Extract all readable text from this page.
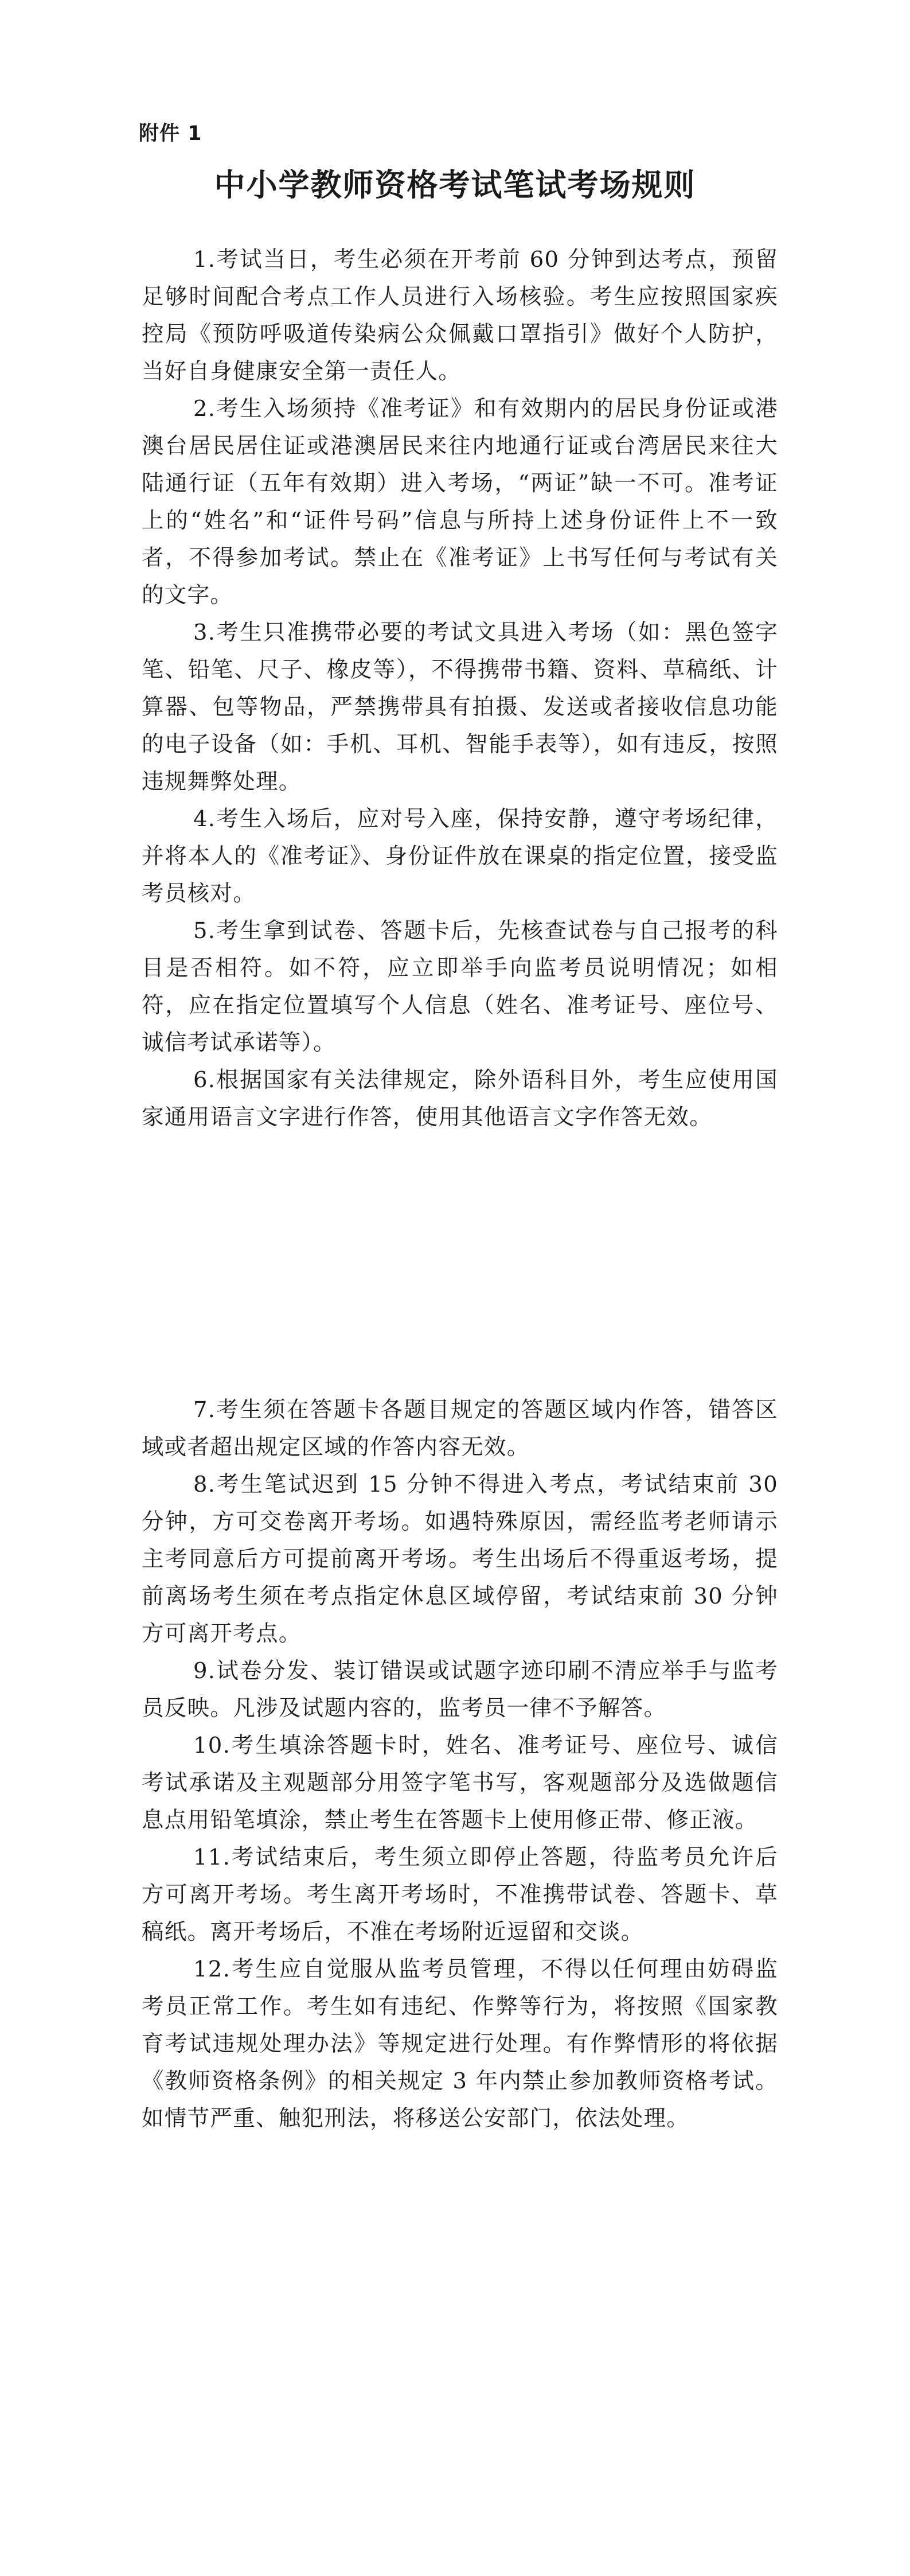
附件 1
中小学教师资格考试笔试考场规则

1.考试当日，考生必须在开考前 60 分钟到达考点，预留足够时间配合考点工作人员进行入场核验。考生应按照国家疾控局《预防呼吸道传染病公众佩戴口罩指引》做好个人防护，当好自身健康安全第一责任人。

2.考生入场须持《准考证》和有效期内的居民身份证或港澳台居民居住证或港澳居民来往内地通行证或台湾居民来往大陆通行证（五年有效期）进入考场，“两证”缺一不可。准考证上的“姓名”和“证件号码”信息与所持上述身份证件上不一致者，不得参加考试。禁止在《准考证》上书写任何与考试有关的文字。

3.考生只准携带必要的考试文具进入考场（如：黑色签字笔、铅笔、尺子、橡皮等），不得携带书籍、资料、草稿纸、计算器、包等物品，严禁携带具有拍摄、发送或者接收信息功能的电子设备（如：手机、耳机、智能手表等），如有违反，按照违规舞弊处理。

4.考生入场后，应对号入座，保持安静，遵守考场纪律，并将本人的《准考证》、身份证件放在课桌的指定位置，接受监考员核对。

5.考生拿到试卷、答题卡后，先核查试卷与自己报考的科目是否相符。如不符，应立即举手向监考员说明情况；如相符，应在指定位置填写个人信息（姓名、准考证号、座位号、诚信考试承诺等）。

6.根据国家有关法律规定，除外语科目外，考生应使用国家通用语言文字进行作答，使用其他语言文字作答无效。

7.考生须在答题卡各题目规定的答题区域内作答，错答区域或者超出规定区域的作答内容无效。

8.考生笔试迟到 15 分钟不得进入考点，考试结束前 30 分钟，方可交卷离开考场。如遇特殊原因，需经监考老师请示主考同意后方可提前离开考场。考生出场后不得重返考场，提前离场考生须在考点指定休息区域停留，考试结束前 30 分钟方可离开考点。

9.试卷分发、装订错误或试题字迹印刷不清应举手与监考员反映。凡涉及试题内容的，监考员一律不予解答。

10.考生填涂答题卡时，姓名、准考证号、座位号、诚信考试承诺及主观题部分用签字笔书写，客观题部分及选做题信息点用铅笔填涂，禁止考生在答题卡上使用修正带、修正液。

11.考试结束后，考生须立即停止答题，待监考员允许后方可离开考场。考生离开考场时，不准携带试卷、答题卡、草稿纸。离开考场后，不准在考场附近逗留和交谈。

12.考生应自觉服从监考员管理，不得以任何理由妨碍监考员正常工作。考生如有违纪、作弊等行为，将按照《国家教育考试违规处理办法》等规定进行处理。有作弊情形的将依据《教师资格条例》的相关规定 3 年内禁止参加教师资格考试。如情节严重、触犯刑法，将移送公安部门，依法处理。
